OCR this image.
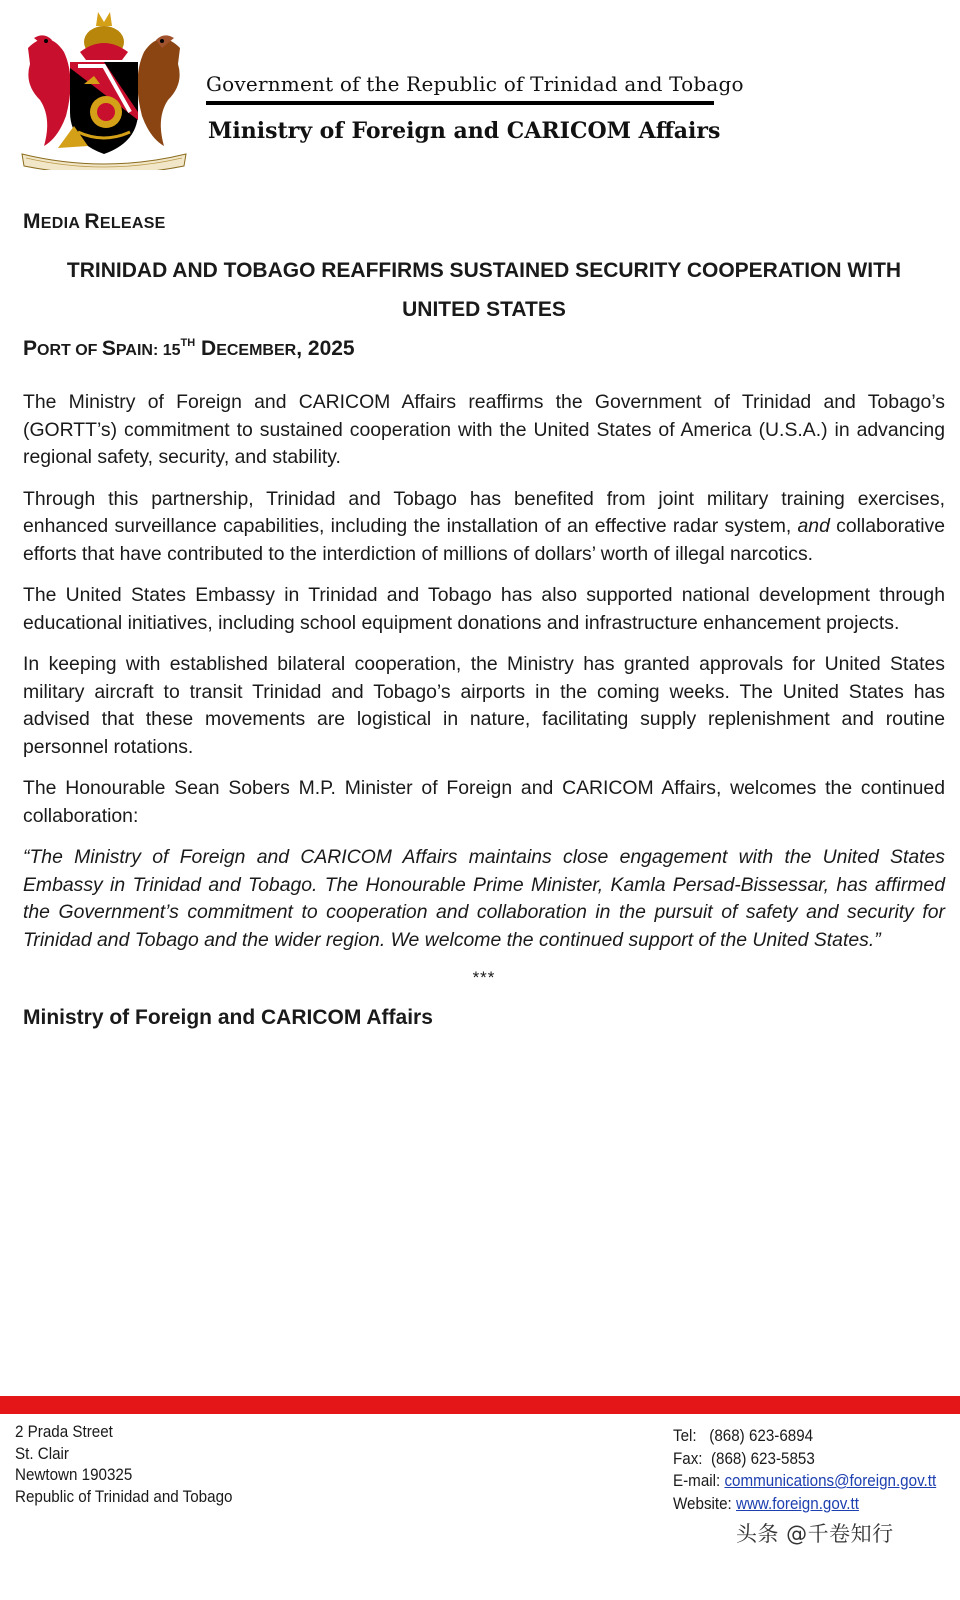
Government of the Republic of Trinidad and Tobago
Ministry of Foreign and CARICOM Affairs

MEDIA RELEASE

TRINIDAD AND TOBAGO REAFFIRMS SUSTAINED SECURITY COOPERATION WITH
UNITED STATES

PORT OF SPAIN: 15TH DECEMBER, 2025

The Ministry of Foreign and CARICOM Affairs reaffirms the Government of Trinidad and Tobago’s (GORTT’s) commitment to sustained cooperation with the United States of America (U.S.A.) in advancing regional safety, security, and stability.

Through this partnership, Trinidad and Tobago has benefited from joint military training exercises, enhanced surveillance capabilities, including the installation of an effective radar system, and collaborative efforts that have contributed to the interdiction of millions of dollars’ worth of illegal narcotics.

The United States Embassy in Trinidad and Tobago has also supported national development through educational initiatives, including school equipment donations and infrastructure enhancement projects.

In keeping with established bilateral cooperation, the Ministry has granted approvals for United States military aircraft to transit Trinidad and Tobago’s airports in the coming weeks. The United States has advised that these movements are logistical in nature, facilitating supply replenishment and routine personnel rotations.

The Honourable Sean Sobers M.P. Minister of Foreign and CARICOM Affairs, welcomes the continued collaboration:

“The Ministry of Foreign and CARICOM Affairs maintains close engagement with the United States Embassy in Trinidad and Tobago. The Honourable Prime Minister, Kamla Persad-Bissessar, has affirmed the Government’s commitment to cooperation and collaboration in the pursuit of safety and security for Trinidad and Tobago and the wider region. We welcome the continued support of the United States.”

***

Ministry of Foreign and CARICOM Affairs

2 Prada Street
St. Clair
Newtown 190325
Republic of Trinidad and Tobago
Tel: (868) 623-6894
Fax: (868) 623-5853
E-mail: communications@foreign.gov.tt
Website: www.foreign.gov.tt
头条 @千卷知行
